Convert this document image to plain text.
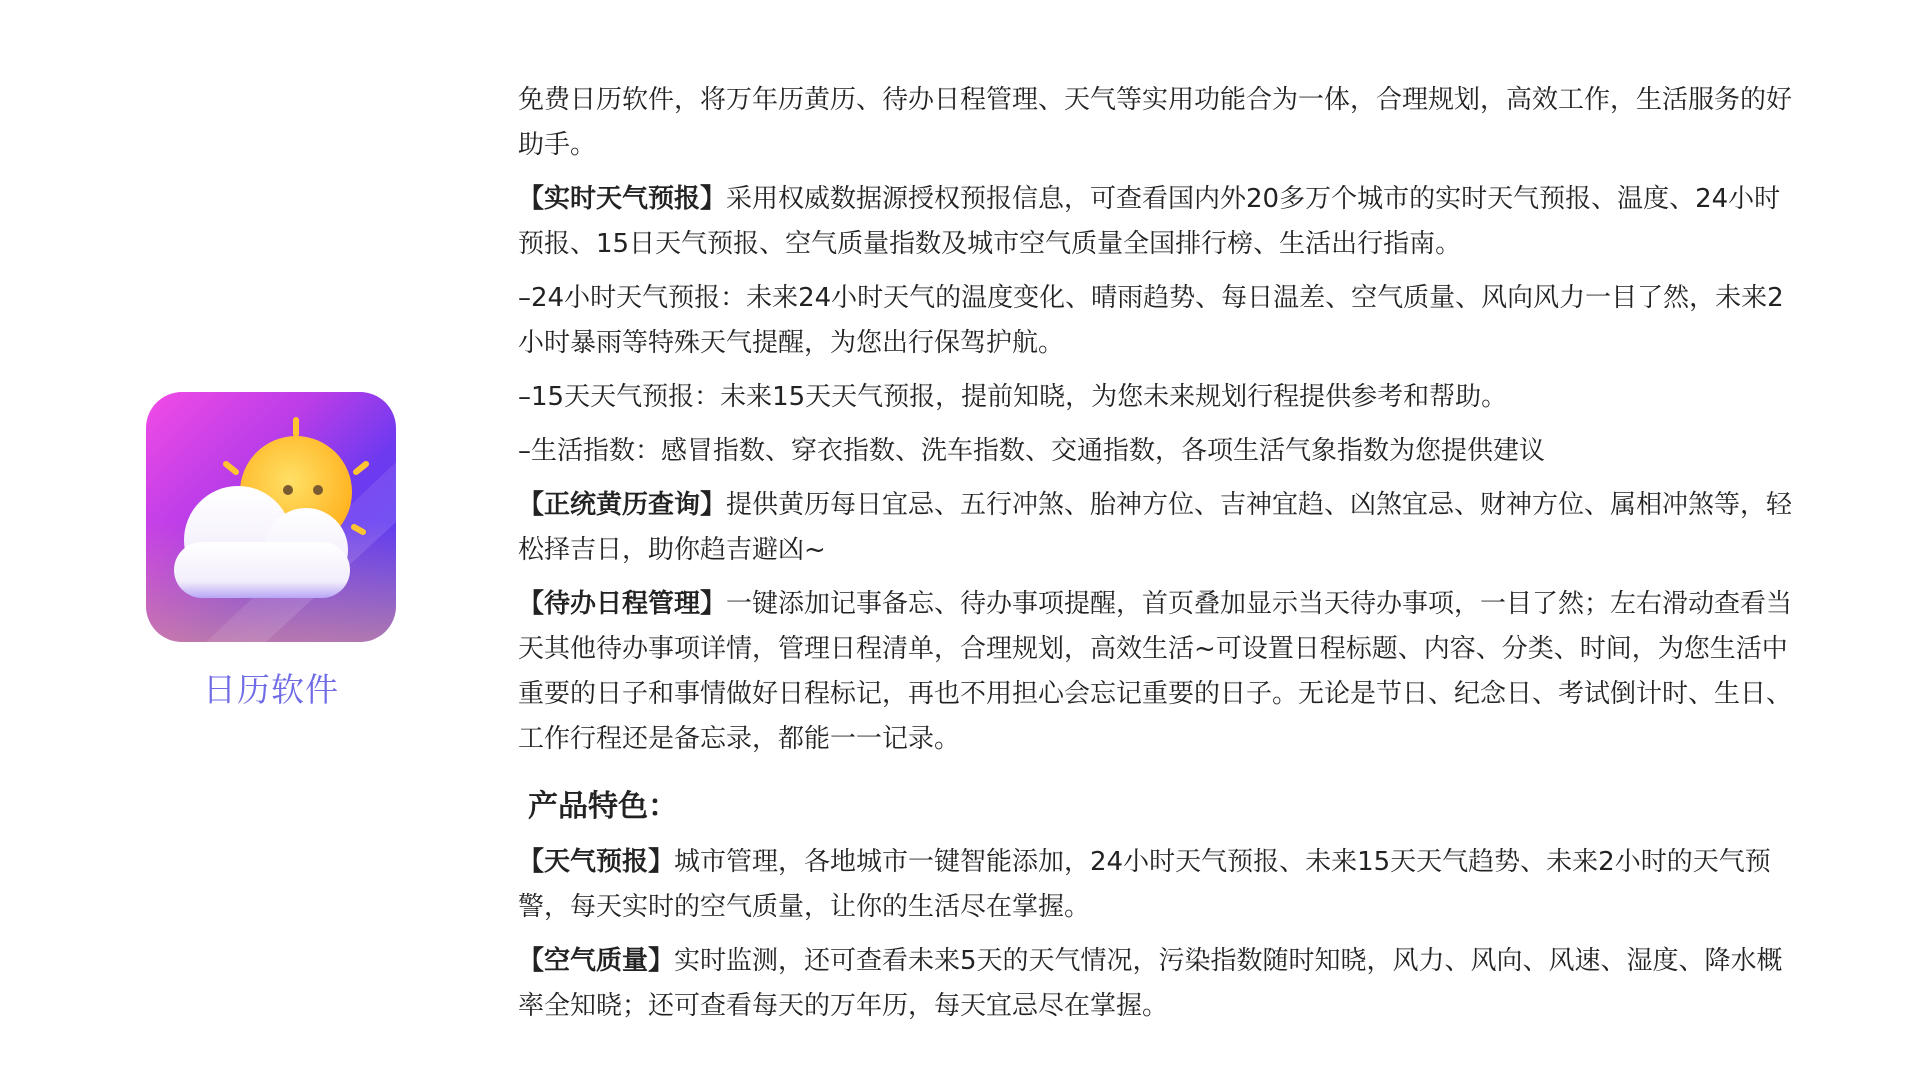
日历软件

免费日历软件，将万年历黄历、待办日程管理、天气等实用功能合为一体，合理规划，高效工作，生活服务的好助手。

【实时天气预报】采用权威数据源授权预报信息，可查看国内外20多万个城市的实时天气预报、温度、24小时预报、15日天气预报、空气质量指数及城市空气质量全国排行榜、生活出行指南。

–24小时天气预报：未来24小时天气的温度变化、晴雨趋势、每日温差、空气质量、风向风力一目了然，未来2小时暴雨等特殊天气提醒，为您出行保驾护航。

–15天天气预报：未来15天天气预报，提前知晓，为您未来规划行程提供参考和帮助。

–生活指数：感冒指数、穿衣指数、洗车指数、交通指数，各项生活气象指数为您提供建议

【正统黄历查询】提供黄历每日宜忌、五行冲煞、胎神方位、吉神宜趋、凶煞宜忌、财神方位、属相冲煞等，轻松择吉日，助你趋吉避凶~

【待办日程管理】一键添加记事备忘、待办事项提醒，首页叠加显示当天待办事项，一目了然；左右滑动查看当天其他待办事项详情，管理日程清单，合理规划，高效生活~可设置日程标题、内容、分类、时间，为您生活中重要的日子和事情做好日程标记，再也不用担心会忘记重要的日子。无论是节日、纪念日、考试倒计时、生日、工作行程还是备忘录，都能一一记录。

产品特色：

【天气预报】城市管理，各地城市一键智能添加，24小时天气预报、未来15天天气趋势、未来2小时的天气预警，每天实时的空气质量，让你的生活尽在掌握。

【空气质量】实时监测，还可查看未来5天的天气情况，污染指数随时知晓，风力、风向、风速、湿度、降水概率全知晓；还可查看每天的万年历，每天宜忌尽在掌握。
